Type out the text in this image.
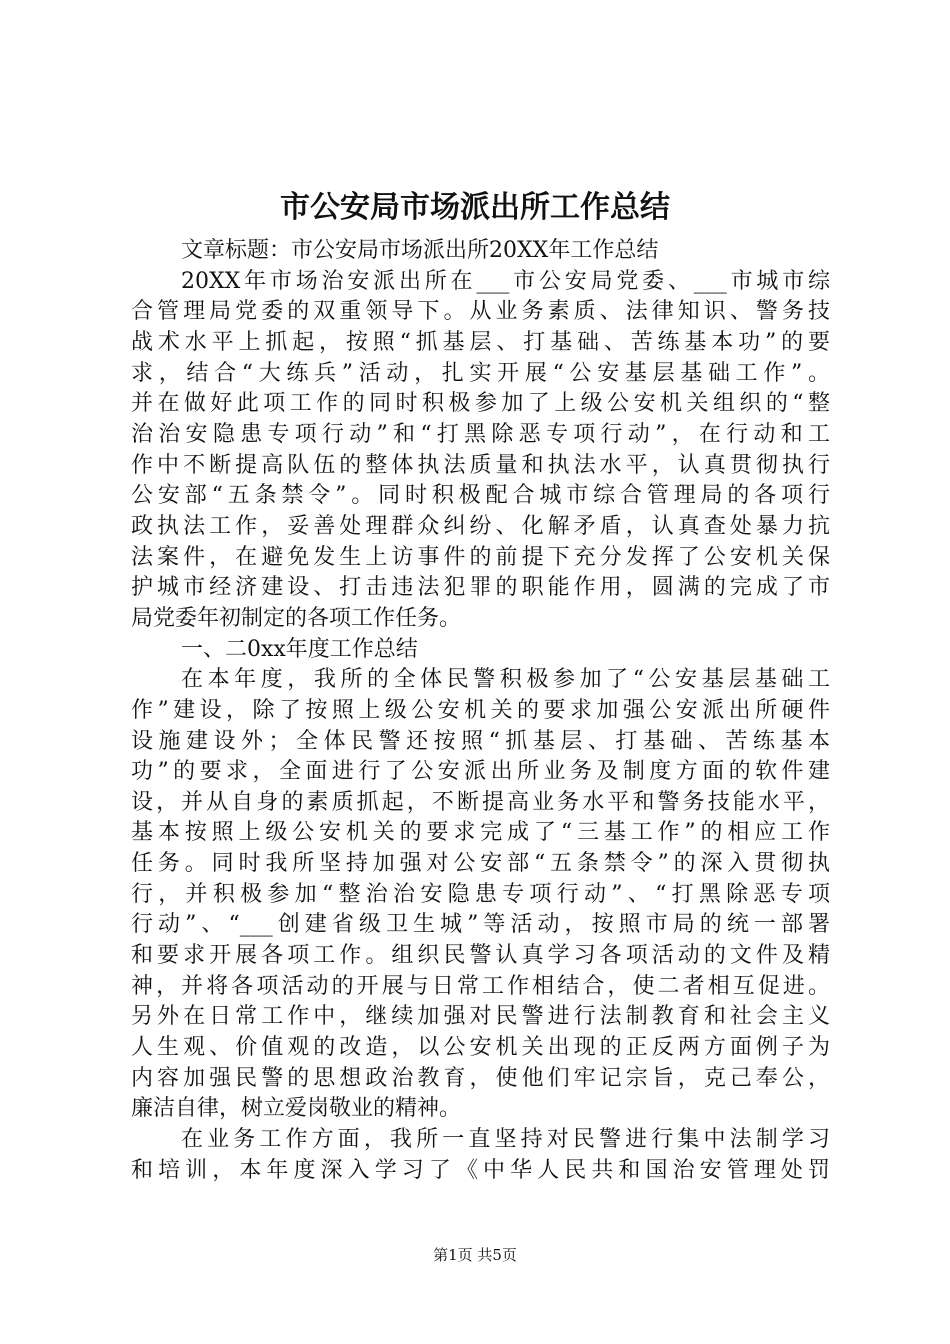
市公安局市场派出所工作总结
文章标题：市公安局市场派出所20XX年工作总结
20XX年市场治安派出所在___市公安局党委、___市城市综
合管理局党委的双重领导下。从业务素质、法律知识、警务技
战术水平上抓起，按照“抓基层、打基础、苦练基本功”的要
求，结合“大练兵”活动，扎实开展“公安基层基础工作”。
并在做好此项工作的同时积极参加了上级公安机关组织的“整
治治安隐患专项行动”和“打黑除恶专项行动”，在行动和工
作中不断提高队伍的整体执法质量和执法水平，认真贯彻执行
公安部“五条禁令”。同时积极配合城市综合管理局的各项行
政执法工作，妥善处理群众纠纷、化解矛盾，认真查处暴力抗
法案件，在避免发生上访事件的前提下充分发挥了公安机关保
护城市经济建设、打击违法犯罪的职能作用，圆满的完成了市
局党委年初制定的各项工作任务。
一、二0xx年度工作总结
在本年度，我所的全体民警积极参加了“公安基层基础工
作”建设，除了按照上级公安机关的要求加强公安派出所硬件
设施建设外；全体民警还按照“抓基层、打基础、苦练基本
功”的要求，全面进行了公安派出所业务及制度方面的软件建
设，并从自身的素质抓起，不断提高业务水平和警务技能水平，
基本按照上级公安机关的要求完成了“三基工作”的相应工作
任务。同时我所坚持加强对公安部“五条禁令”的深入贯彻执
行，并积极参加“整治治安隐患专项行动”、“打黑除恶专项
行动”、“___创建省级卫生城”等活动，按照市局的统一部署
和要求开展各项工作。组织民警认真学习各项活动的文件及精
神，并将各项活动的开展与日常工作相结合，使二者相互促进。
另外在日常工作中，继续加强对民警进行法制教育和社会主义
人生观、价值观的改造，以公安机关出现的正反两方面例子为
内容加强民警的思想政治教育，使他们牢记宗旨，克己奉公，
廉洁自律，树立爱岗敬业的精神。
在业务工作方面，我所一直坚持对民警进行集中法制学习
和培训，本年度深入学习了《中华人民共和国治安管理处罚
第1页 共5页
